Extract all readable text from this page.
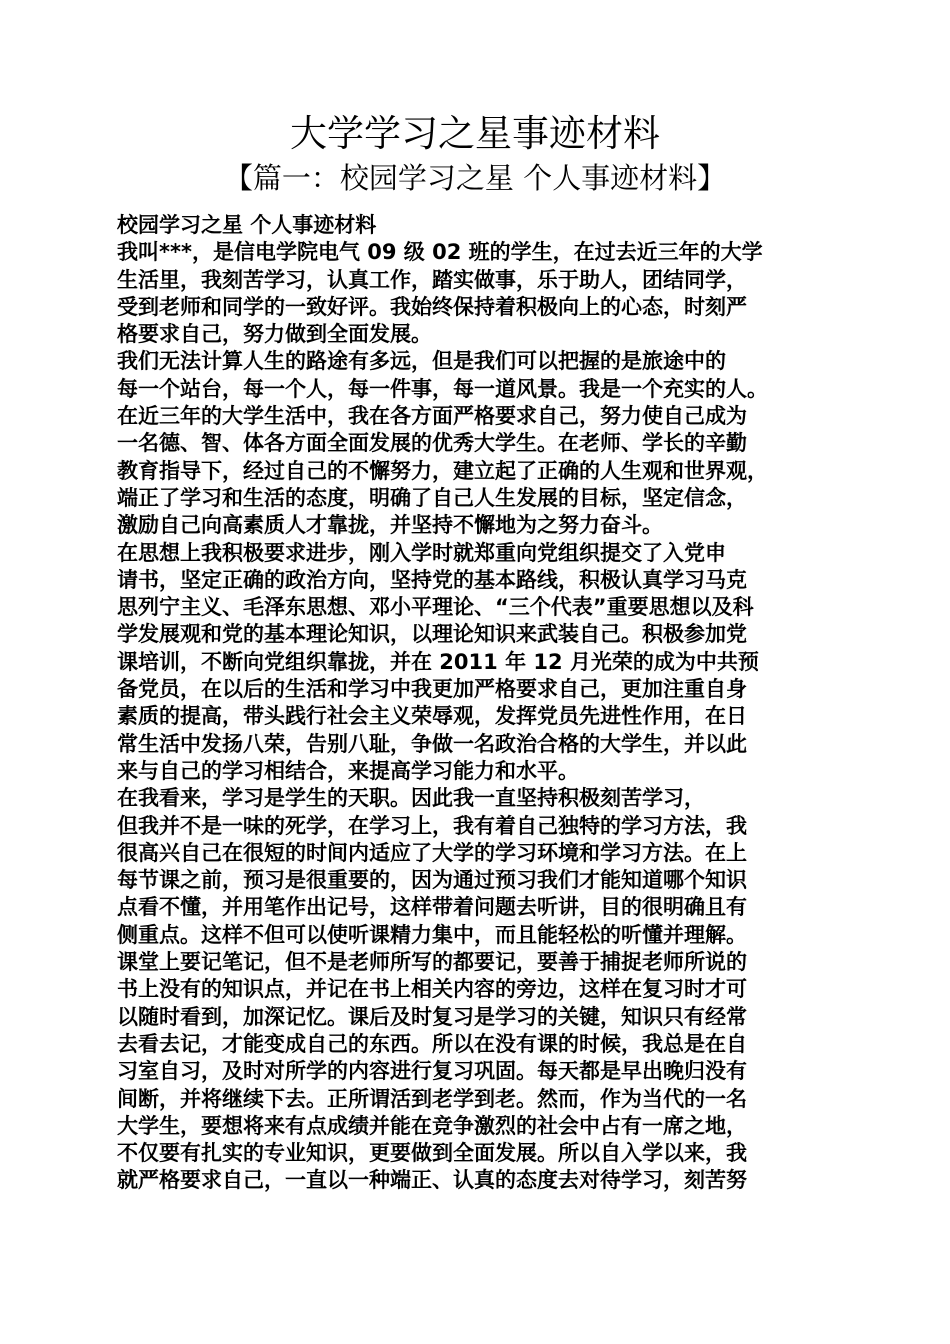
大学学习之星事迹材料
【篇一：校园学习之星 个人事迹材料】
校园学习之星 个人事迹材料
我叫***，是信电学院电气 09 级 02 班的学生，在过去近三年的大学
生活里，我刻苦学习，认真工作，踏实做事，乐于助人，团结同学，
受到老师和同学的一致好评。我始终保持着积极向上的心态，时刻严
格要求自己，努力做到全面发展。
我们无法计算人生的路途有多远，但是我们可以把握的是旅途中的
每一个站台，每一个人，每一件事，每一道风景。我是一个充实的人。
在近三年的大学生活中，我在各方面严格要求自己，努力使自己成为
一名德、智、体各方面全面发展的优秀大学生。在老师、学长的辛勤
教育指导下，经过自己的不懈努力，建立起了正确的人生观和世界观，
端正了学习和生活的态度，明确了自己人生发展的目标，坚定信念，
激励自己向高素质人才靠拢，并坚持不懈地为之努力奋斗。
在思想上我积极要求进步，刚入学时就郑重向党组织提交了入党申
请书，坚定正确的政治方向，坚持党的基本路线，积极认真学习马克
思列宁主义、毛泽东思想、邓小平理论、“三个代表”重要思想以及科
学发展观和党的基本理论知识，以理论知识来武装自己。积极参加党
课培训，不断向党组织靠拢，并在 2011 年 12 月光荣的成为中共预
备党员，在以后的生活和学习中我更加严格要求自己，更加注重自身
素质的提高，带头践行社会主义荣辱观，发挥党员先进性作用，在日
常生活中发扬八荣，告别八耻，争做一名政治合格的大学生，并以此
来与自己的学习相结合，来提高学习能力和水平。
在我看来，学习是学生的天职。因此我一直坚持积极刻苦学习，
但我并不是一味的死学，在学习上，我有着自己独特的学习方法，我
很高兴自己在很短的时间内适应了大学的学习环境和学习方法。在上
每节课之前，预习是很重要的，因为通过预习我们才能知道哪个知识
点看不懂，并用笔作出记号，这样带着问题去听讲，目的很明确且有
侧重点。这样不但可以使听课精力集中，而且能轻松的听懂并理解。
课堂上要记笔记，但不是老师所写的都要记，要善于捕捉老师所说的
书上没有的知识点，并记在书上相关内容的旁边，这样在复习时才可
以随时看到，加深记忆。课后及时复习是学习的关键，知识只有经常
去看去记，才能变成自己的东西。所以在没有课的时候，我总是在自
习室自习，及时对所学的内容进行复习巩固。每天都是早出晚归没有
间断，并将继续下去。正所谓活到老学到老。然而，作为当代的一名
大学生，要想将来有点成绩并能在竞争激烈的社会中占有一席之地，
不仅要有扎实的专业知识，更要做到全面发展。所以自入学以来，我
就严格要求自己，一直以一种端正、认真的态度去对待学习，刻苦努
